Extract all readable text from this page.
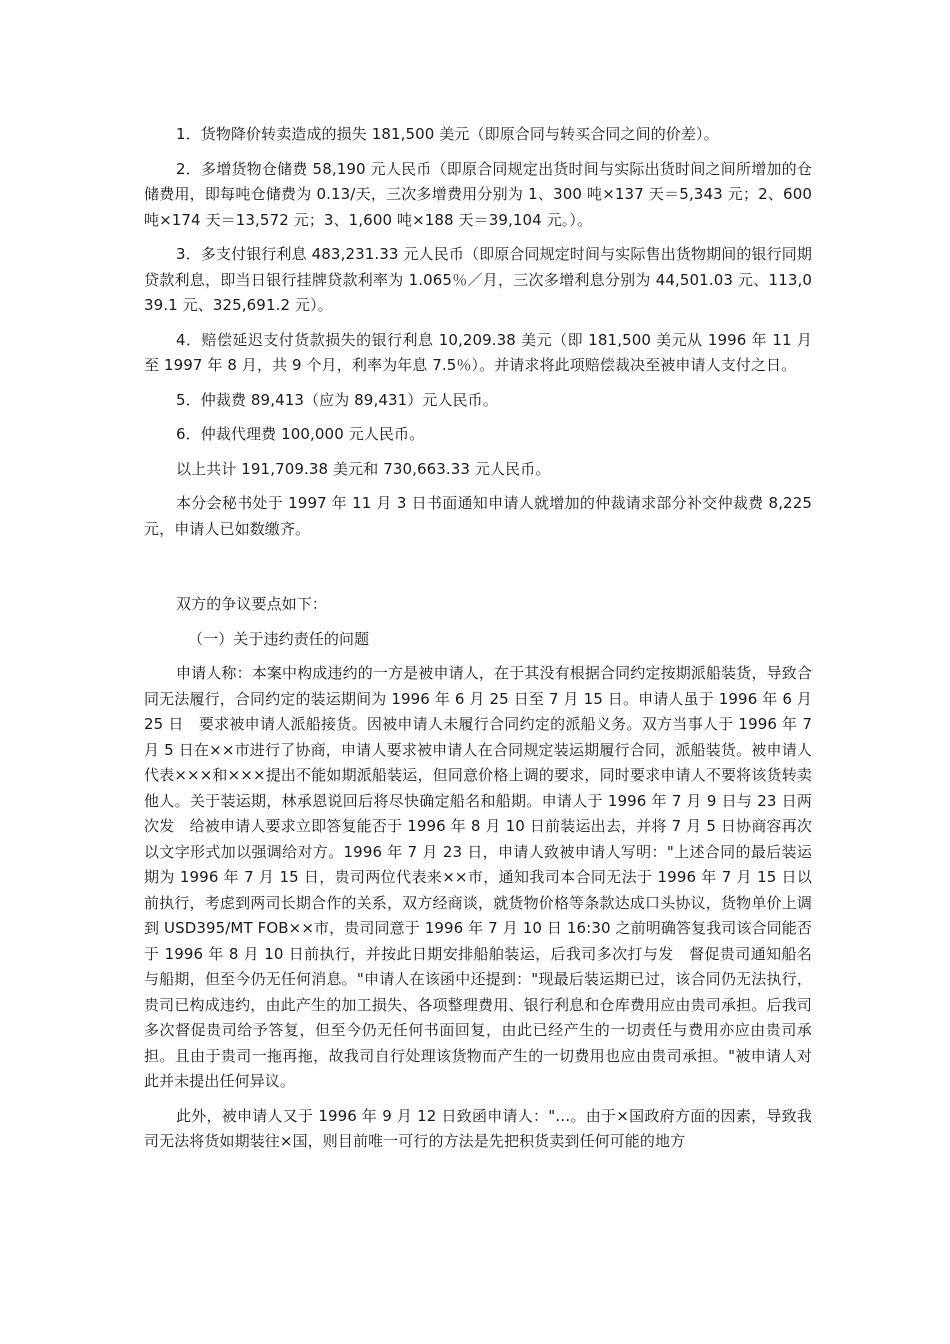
1．货物降价转卖造成的损失 181,500 美元（即原合同与转买合同之间的价差）。

2．多增货物仓储费 58,190 元人民币（即原合同规定出货时间与实际出货时间之间所增加的仓储费用，即每吨仓储费为 0.13/天，三次多增费用分别为 1、300 吨×137 天＝5,343 元；2、600 吨×174 天＝13,572 元；3、1,600 吨×188 天＝39,104 元。）。

3．多支付银行利息 483,231.33 元人民币（即原合同规定时间与实际售出货物期间的银行同期贷款利息，即当日银行挂牌贷款利率为 1.065％／月，三次多增利息分别为 44,501.03 元、113,039.1 元、325,691.2 元）。

4．赔偿延迟支付货款损失的银行利息 10,209.38 美元（即 181,500 美元从 1996 年 11 月至 1997 年 8 月，共 9 个月，利率为年息 7.5％）。并请求将此项赔偿裁决至被申请人支付之日。

5．仲裁费 89,413（应为 89,431）元人民币。

6．仲裁代理费 100,000 元人民币。

以上共计 191,709.38 美元和 730,663.33 元人民币。

本分会秘书处于 1997 年 11 月 3 日书面通知申请人就增加的仲裁请求部分补交仲裁费 8,225 元，申请人已如数缴齐。

双方的争议要点如下：

（一）关于违约责任的问题

申请人称：本案中构成违约的一方是被申请人，在于其没有根据合同约定按期派船装货，导致合同无法履行，合同约定的装运期间为 1996 年 6 月 25 日至 7 月 15 日。申请人虽于 1996 年 6 月 25 日　要求被申请人派船接货。因被申请人未履行合同约定的派船义务。双方当事人于 1996 年 7 月 5 日在××市进行了协商，申请人要求被申请人在合同规定装运期履行合同，派船装货。被申请人代表×××和×××提出不能如期派船装运，但同意价格上调的要求，同时要求申请人不要将该货转卖他人。关于装运期，林承恩说回后将尽快确定船名和船期。申请人于 1996 年 7 月 9 日与 23 日两次发　给被申请人要求立即答复能否于 1996 年 8 月 10 日前装运出去，并将 7 月 5 日协商容再次以文字形式加以强调给对方。1996 年 7 月 23 日，申请人致被申请人写明："上述合同的最后装运期为 1996 年 7 月 15 日，贵司两位代表来××市，通知我司本合同无法于 1996 年 7 月 15 日以前执行，考虑到两司长期合作的关系，双方经商谈，就货物价格等条款达成口头协议，货物单价上调到 USD395/MT FOB××市，贵司同意于 1996 年 7 月 10 日 16:30 之前明确答复我司该合同能否于 1996 年 8 月 10 日前执行，并按此日期安排船舶装运，后我司多次打与发　督促贵司通知船名与船期，但至今仍无任何消息。"申请人在该函中还提到："现最后装运期已过，该合同仍无法执行，贵司已构成违约，由此产生的加工损失、各项整理费用、银行利息和仓库费用应由贵司承担。后我司多次督促贵司给予答复，但至今仍无任何书面回复，由此已经产生的一切责任与费用亦应由贵司承担。且由于贵司一拖再拖，故我司自行处理该货物而产生的一切费用也应由贵司承担。"被申请人对此并未提出任何异议。

此外，被申请人又于 1996 年 9 月 12 日致函申请人："…。由于×国政府方面的因素，导致我司无法将货如期装往×国，则目前唯一可行的方法是先把积货卖到任何可能的地方
